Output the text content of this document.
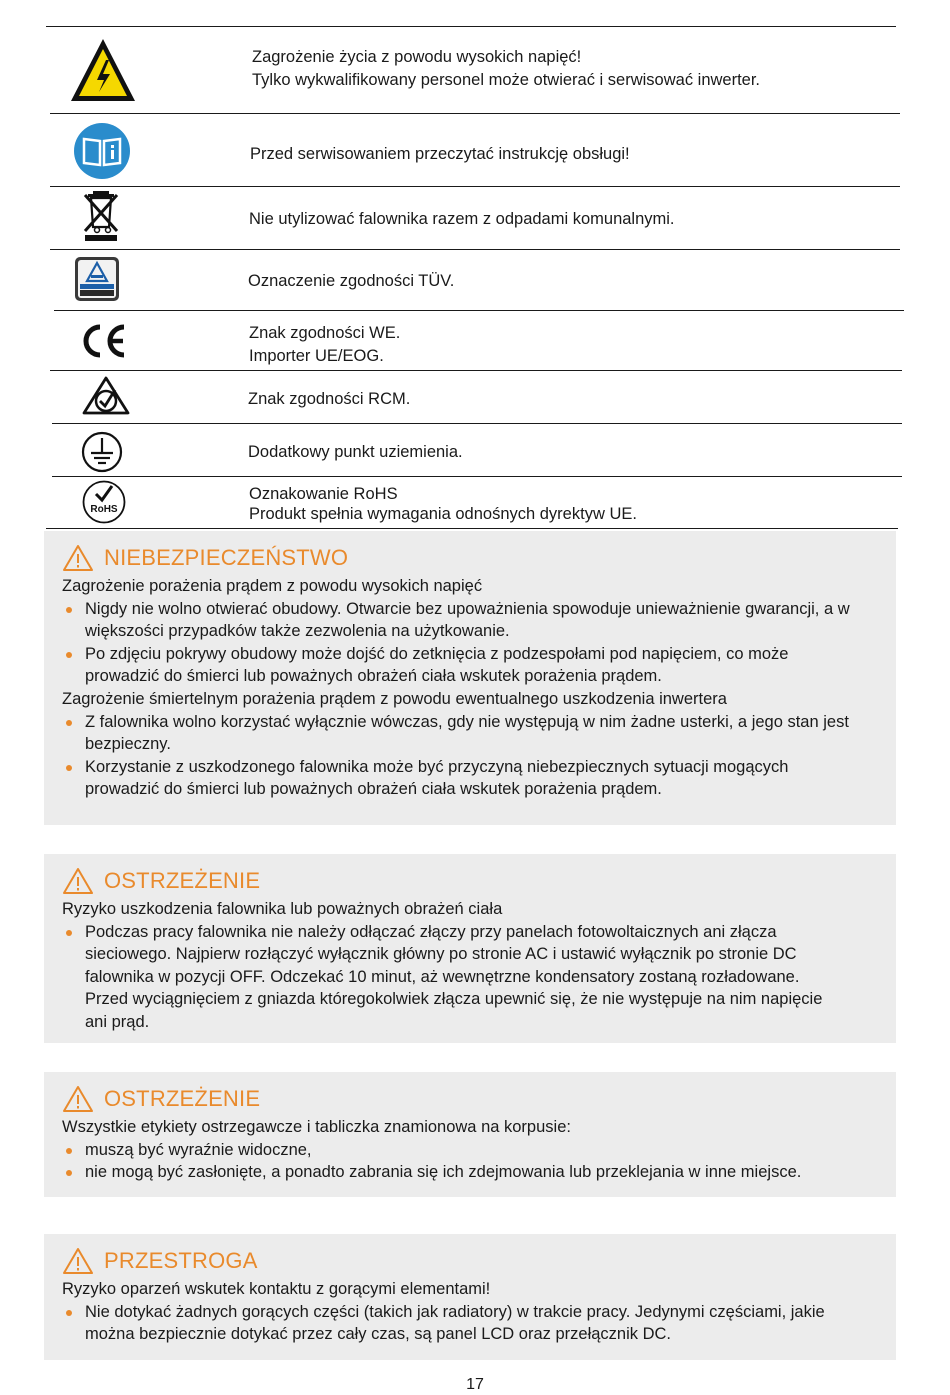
Zagrożenie życia z powodu wysokich napięć!
Tylko wykwalifikowany personel może otwierać i serwisować inwerter.
Przed serwisowaniem przeczytać instrukcję obsługi!
Nie utylizować falownika razem z odpadami komunalnymi.
Oznaczenie zgodności TÜV.
Znak zgodności WE.
Importer UE/EOG.
Znak zgodności RCM.
Dodatkowy punkt uziemienia.
RoHS
Oznakowanie RoHS
Produkt spełnia wymagania odnośnych dyrektyw UE.
NIEBEZPIECZEŃSTWO
Zagrożenie porażenia prądem z powodu wysokich napięć
Nigdy nie wolno otwierać obudowy. Otwarcie bez upoważnienia spowoduje unieważnienie gwarancji, a w
większości przypadków także zezwolenia na użytkowanie.
Po zdjęciu pokrywy obudowy może dojść do zetknięcia z podzespołami pod napięciem, co może
prowadzić do śmierci lub poważnych obrażeń ciała wskutek porażenia prądem.
Zagrożenie śmiertelnym porażenia prądem z powodu ewentualnego uszkodzenia inwertera
Z falownika wolno korzystać wyłącznie wówczas, gdy nie występują w nim żadne usterki, a jego stan jest
bezpieczny.
Korzystanie z uszkodzonego falownika może być przyczyną niebezpiecznych sytuacji mogących
prowadzić do śmierci lub poważnych obrażeń ciała wskutek porażenia prądem.
OSTRZEŻENIE
Ryzyko uszkodzenia falownika lub poważnych obrażeń ciała
Podczas pracy falownika nie należy odłączać złączy przy panelach fotowoltaicznych ani złącza
sieciowego. Najpierw rozłączyć wyłącznik główny po stronie AC i ustawić wyłącznik po stronie DC
falownika w pozycji OFF. Odczekać 10 minut, aż wewnętrzne kondensatory zostaną rozładowane.
Przed wyciągnięciem z gniazda któregokolwiek złącza upewnić się, że nie występuje na nim napięcie
ani prąd.
OSTRZEŻENIE
Wszystkie etykiety ostrzegawcze i tabliczka znamionowa na korpusie:
muszą być wyraźnie widoczne,
nie mogą być zasłonięte, a ponadto zabrania się ich zdejmowania lub przeklejania w inne miejsce.
PRZESTROGA
Ryzyko oparzeń wskutek kontaktu z gorącymi elementami!
Nie dotykać żadnych gorących części (takich jak radiatory) w trakcie pracy. Jedynymi częściami, jakie
można bezpiecznie dotykać przez cały czas, są panel LCD oraz przełącznik DC.
17
